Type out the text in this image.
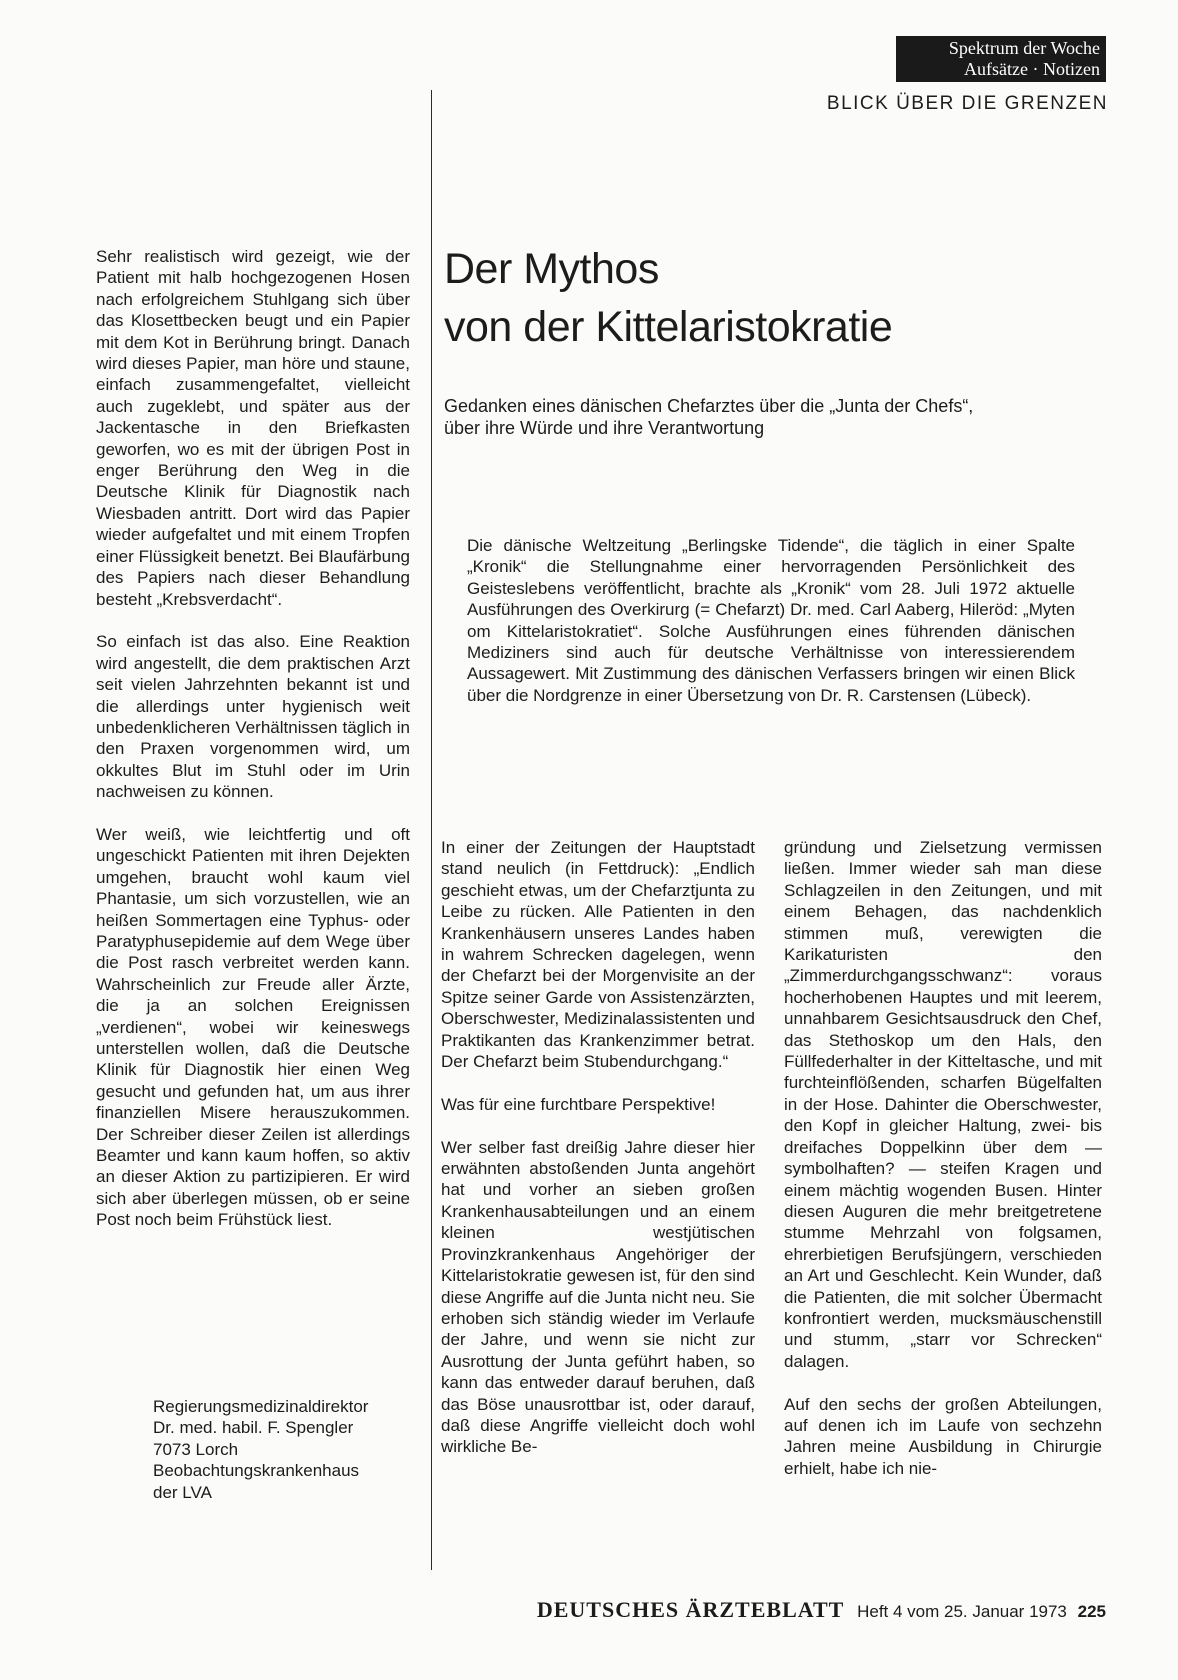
Spektrum der Woche
Aufsätze · Notizen
BLICK ÜBER DIE GRENZEN
Der Mythos
von der Kittelaristokratie

Gedanken eines dänischen Chefarztes über die „Junta der Chefs“,
über ihre Würde und ihre Verantwortung

Die dänische Weltzeitung „Berlingske Tidende“, die täglich in einer Spalte „Kronik“ die Stellungnahme einer hervorragenden Persönlichkeit des Geisteslebens veröffentlicht, brachte als „Kronik“ vom 28. Juli 1972 aktuelle Ausführungen des Overkirurg (= Chefarzt) Dr. med. Carl Aaberg, Hileröd: „Myten om Kittelaristokratiet“. Solche Ausführungen eines führenden dänischen Mediziners sind auch für deutsche Verhältnisse von interessierendem Aussagewert. Mit Zustimmung des dänischen Verfassers bringen wir einen Blick über die Nordgrenze in einer Übersetzung von Dr. R. Carstensen (Lübeck).

Sehr realistisch wird gezeigt, wie der Patient mit halb hochgezogenen Hosen nach erfolgreichem Stuhlgang sich über das Klosettbecken beugt und ein Papier mit dem Kot in Berührung bringt. Danach wird dieses Papier, man höre und staune, einfach zusammengefaltet, vielleicht auch zugeklebt, und später aus der Jackentasche in den Briefkasten geworfen, wo es mit der übrigen Post in enger Berührung den Weg in die Deutsche Klinik für Diagnostik nach Wiesbaden antritt. Dort wird das Papier wieder aufgefaltet und mit einem Tropfen einer Flüssigkeit benetzt. Bei Blaufärbung des Papiers nach dieser Behandlung besteht „Krebsverdacht“.

So einfach ist das also. Eine Reaktion wird angestellt, die dem praktischen Arzt seit vielen Jahrzehnten bekannt ist und die allerdings unter hygienisch weit unbedenklicheren Verhältnissen täglich in den Praxen vorgenommen wird, um okkultes Blut im Stuhl oder im Urin nachweisen zu können.

Wer weiß, wie leichtfertig und oft ungeschickt Patienten mit ihren Dejekten umgehen, braucht wohl kaum viel Phantasie, um sich vorzustellen, wie an heißen Sommertagen eine Typhus- oder Paratyphusepidemie auf dem Wege über die Post rasch verbreitet werden kann. Wahrscheinlich zur Freude aller Ärzte, die ja an solchen Ereignissen „verdienen“, wobei wir keineswegs unterstellen wollen, daß die Deutsche Klinik für Diagnostik hier einen Weg gesucht und gefunden hat, um aus ihrer finanziellen Misere herauszukommen. Der Schreiber dieser Zeilen ist allerdings Beamter und kann kaum hoffen, so aktiv an dieser Aktion zu partizipieren. Er wird sich aber überlegen müssen, ob er seine Post noch beim Frühstück liest.

Regierungsmedizinaldirektor
Dr. med. habil. F. Spengler
7073 Lorch
Beobachtungskrankenhaus
der LVA

In einer der Zeitungen der Hauptstadt stand neulich (in Fettdruck): „Endlich geschieht etwas, um der Chefarztjunta zu Leibe zu rücken. Alle Patienten in den Krankenhäusern unseres Landes haben in wahrem Schrecken dagelegen, wenn der Chefarzt bei der Morgenvisite an der Spitze seiner Garde von Assistenzärzten, Oberschwester, Medizinalassistenten und Praktikanten das Krankenzimmer betrat. Der Chefarzt beim Stubendurchgang.“

Was für eine furchtbare Perspektive!

Wer selber fast dreißig Jahre dieser hier erwähnten abstoßenden Junta angehört hat und vorher an sieben großen Krankenhausabteilungen und an einem kleinen westjütischen Provinzkrankenhaus Angehöriger der Kittelaristokratie gewesen ist, für den sind diese Angriffe auf die Junta nicht neu. Sie erhoben sich ständig wieder im Verlaufe der Jahre, und wenn sie nicht zur Ausrottung der Junta geführt haben, so kann das entweder darauf beruhen, daß das Böse unausrottbar ist, oder darauf, daß diese Angriffe vielleicht doch wohl wirkliche Be-

gründung und Zielsetzung vermissen ließen. Immer wieder sah man diese Schlagzeilen in den Zeitungen, und mit einem Behagen, das nachdenklich stimmen muß, verewigten die Karikaturisten den „Zimmerdurchgangsschwanz“: voraus hocherhobenen Hauptes und mit leerem, unnahbarem Gesichtsausdruck den Chef, das Stethoskop um den Hals, den Füllfederhalter in der Kitteltasche, und mit furchteinflößenden, scharfen Bügelfalten in der Hose. Dahinter die Oberschwester, den Kopf in gleicher Haltung, zwei- bis dreifaches Doppelkinn über dem — symbolhaften? — steifen Kragen und einem mächtig wogenden Busen. Hinter diesen Auguren die mehr breitgetretene stumme Mehrzahl von folgsamen, ehrerbietigen Berufsjüngern, verschieden an Art und Geschlecht. Kein Wunder, daß die Patienten, die mit solcher Übermacht konfrontiert werden, mucksmäuschenstill und stumm, „starr vor Schrecken“ dalagen.

Auf den sechs der großen Abteilungen, auf denen ich im Laufe von sechzehn Jahren meine Ausbildung in Chirurgie erhielt, habe ich nie-

DEUTSCHES ÄRZTEBLATT Heft 4 vom 25. Januar 1973 225
